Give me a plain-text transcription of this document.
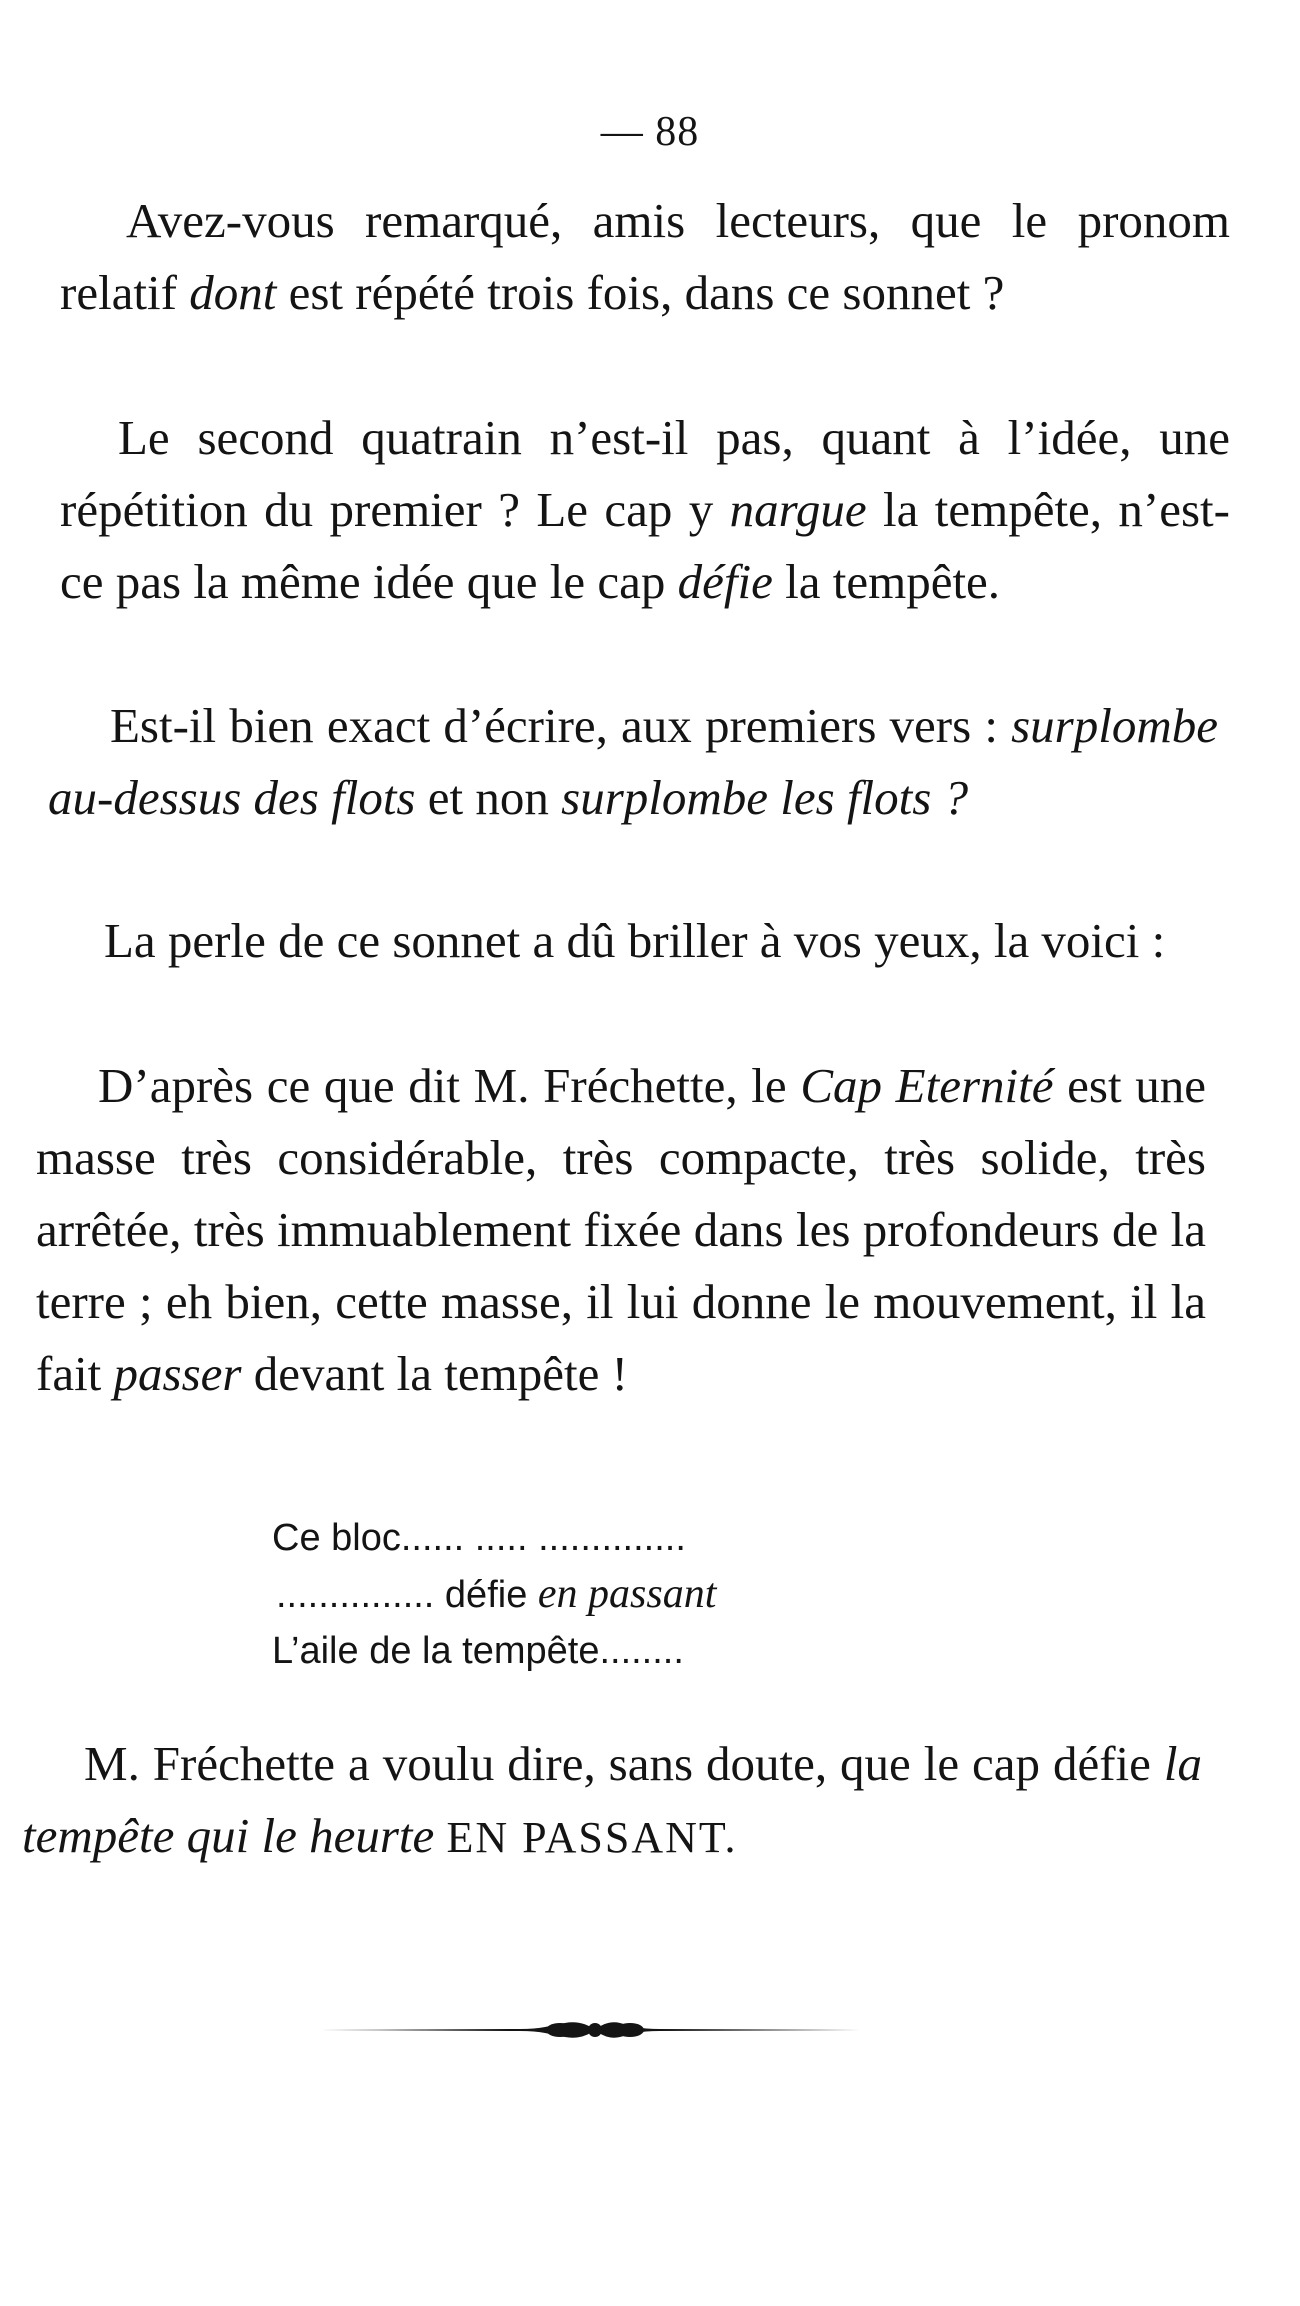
— 88

Avez-vous remarqué, amis lecteurs, que le pronom relatif dont est répété trois fois, dans ce sonnet ?

Le second quatrain n’est-il pas, quant à l’idée, une répétition du premier ? Le cap y nargue la tempête, n’est-ce pas la même idée que le cap défie la tempête.

Est-il bien exact d’écrire, aux premiers vers : surplombe au-dessus des flots et non surplombe les flots ?

La perle de ce sonnet a dû briller à vos yeux, la voici :

D’après ce que dit M. Fréchette, le Cap Eternité est une masse très considérable, très compacte, très solide, très arrêtée, très immuablement fixée dans les profondeurs de la terre ; eh bien, cette masse, il lui donne le mouvement, il la fait passer devant la tempête !

Ce bloc...... ..... ..............
............... défie en passant
L’aile de la tempête........

M. Fréchette a voulu dire, sans doute, que le cap défie la tempête qui le heurte EN PASSANT.
